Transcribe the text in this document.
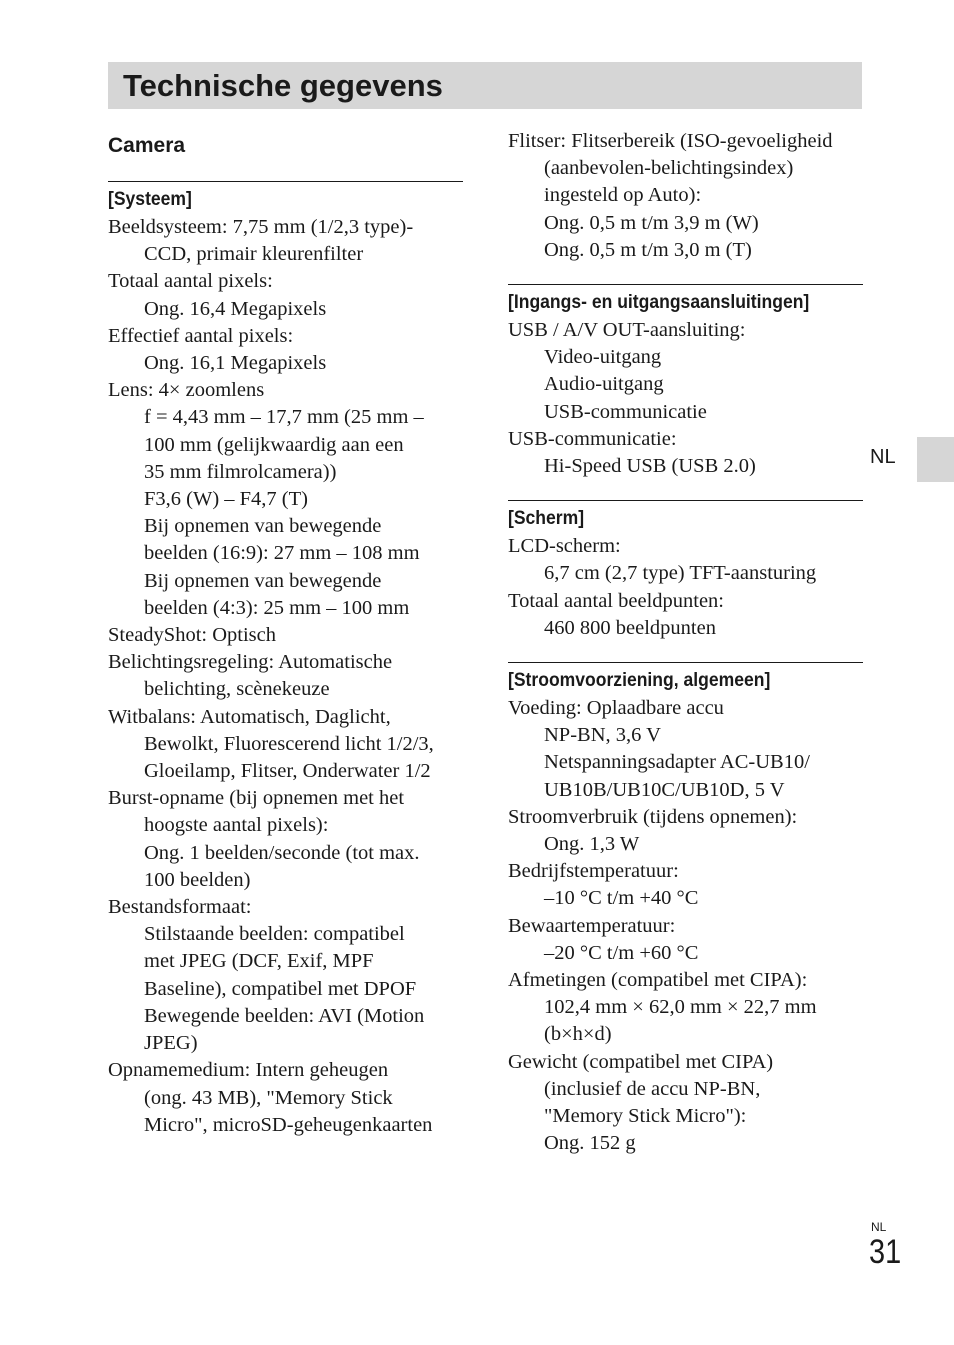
Technische gegevens
Camera
[Systeem]
Beeldsysteem: 7,75 mm (1/2,3 type)-
CCD, primair kleurenfilter
Totaal aantal pixels:
Ong. 16,4 Megapixels
Effectief aantal pixels:
Ong. 16,1 Megapixels
Lens: 4× zoomlens
f = 4,43 mm – 17,7 mm (25 mm –
100 mm (gelijkwaardig aan een
35 mm filmrolcamera))
F3,6 (W) – F4,7 (T)
Bij opnemen van bewegende
beelden (16:9): 27 mm – 108 mm
Bij opnemen van bewegende
beelden (4:3): 25 mm – 100 mm
SteadyShot: Optisch
Belichtingsregeling: Automatische
belichting, scènekeuze
Witbalans: Automatisch, Daglicht,
Bewolkt, Fluorescerend licht 1/2/3,
Gloeilamp, Flitser, Onderwater 1/2
Burst-opname (bij opnemen met het
hoogste aantal pixels):
Ong. 1 beelden/seconde (tot max.
100 beelden)
Bestandsformaat:
Stilstaande beelden: compatibel
met JPEG (DCF, Exif, MPF
Baseline), compatibel met DPOF
Bewegende beelden: AVI (Motion
JPEG)
Opnamemedium: Intern geheugen
(ong. 43 MB), "Memory Stick
Micro", microSD-geheugenkaarten
Flitser: Flitserbereik (ISO-gevoeligheid
(aanbevolen-belichtingsindex)
ingesteld op Auto):
Ong. 0,5 m t/m 3,9 m (W)
Ong. 0,5 m t/m 3,0 m (T)
[Ingangs- en uitgangsaansluitingen]
USB / A/V OUT-aansluiting:
Video-uitgang
Audio-uitgang
USB-communicatie
USB-communicatie:
Hi-Speed USB (USB 2.0)
[Scherm]
LCD-scherm:
6,7 cm (2,7 type) TFT-aansturing
Totaal aantal beeldpunten:
460 800 beeldpunten
[Stroomvoorziening, algemeen]
Voeding: Oplaadbare accu
NP-BN, 3,6 V
Netspanningsadapter AC-UB10/
UB10B/UB10C/UB10D, 5 V
Stroomverbruik (tijdens opnemen):
Ong. 1,3 W
Bedrijfstemperatuur:
–10 °C t/m +40 °C
Bewaartemperatuur:
–20 °C t/m +60 °C
Afmetingen (compatibel met CIPA):
102,4 mm × 62,0 mm × 22,7 mm
(b×h×d)
Gewicht (compatibel met CIPA)
(inclusief de accu NP-BN,
"Memory Stick Micro"):
Ong. 152 g
NL
NL
31
